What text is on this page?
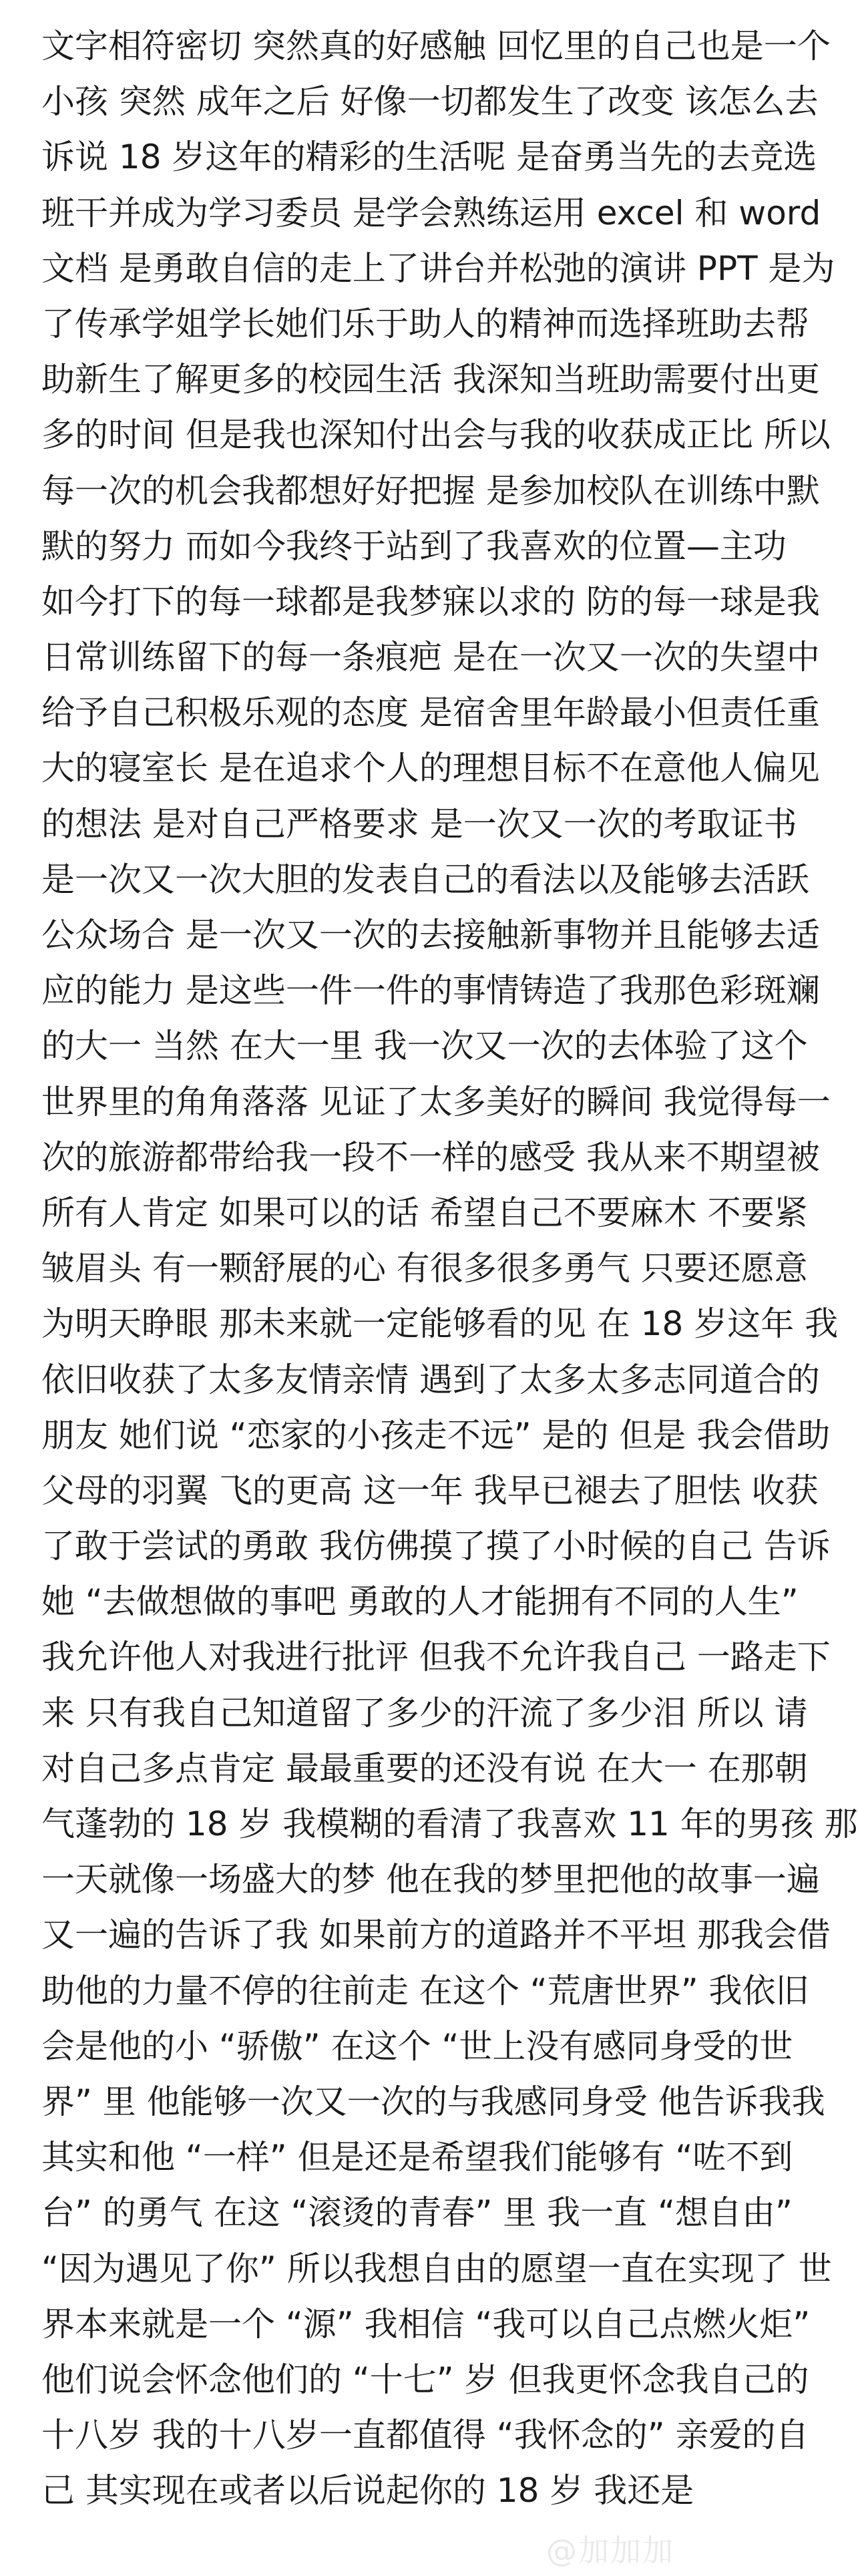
文字相符密切 突然真的好感触 回忆里的自己也是一个
小孩 突然 成年之后 好像一切都发生了改变 该怎么去
诉说 18 岁这年的精彩的生活呢 是奋勇当先的去竞选
班干并成为学习委员 是学会熟练运用 excel 和 word
文档 是勇敢自信的走上了讲台并松弛的演讲 PPT 是为
了传承学姐学长她们乐于助人的精神而选择班助去帮
助新生了解更多的校园生活 我深知当班助需要付出更
多的时间 但是我也深知付出会与我的收获成正比 所以
每一次的机会我都想好好把握 是参加校队在训练中默
默的努力 而如今我终于站到了我喜欢的位置—主功
如今打下的每一球都是我梦寐以求的 防的每一球是我
日常训练留下的每一条痕疤 是在一次又一次的失望中
给予自己积极乐观的态度 是宿舍里年龄最小但责任重
大的寝室长 是在追求个人的理想目标不在意他人偏见
的想法 是对自己严格要求 是一次又一次的考取证书
是一次又一次大胆的发表自己的看法以及能够去活跃
公众场合 是一次又一次的去接触新事物并且能够去适
应的能力 是这些一件一件的事情铸造了我那色彩斑斓
的大一 当然 在大一里 我一次又一次的去体验了这个
世界里的角角落落 见证了太多美好的瞬间 我觉得每一
次的旅游都带给我一段不一样的感受 我从来不期望被
所有人肯定 如果可以的话 希望自己不要麻木 不要紧
皱眉头 有一颗舒展的心 有很多很多勇气 只要还愿意
为明天睁眼 那未来就一定能够看的见 在 18 岁这年 我
依旧收获了太多友情亲情 遇到了太多太多志同道合的
朋友 她们说 “恋家的小孩走不远” 是的 但是 我会借助
父母的羽翼 飞的更高 这一年 我早已褪去了胆怯 收获
了敢于尝试的勇敢 我仿佛摸了摸了小时候的自己 告诉
她 “去做想做的事吧 勇敢的人才能拥有不同的人生”
我允许他人对我进行批评 但我不允许我自己 一路走下
来 只有我自己知道留了多少的汗流了多少泪 所以 请
对自己多点肯定 最最重要的还没有说 在大一 在那朝
气蓬勃的 18 岁 我模糊的看清了我喜欢 11 年的男孩 那
一天就像一场盛大的梦 他在我的梦里把他的故事一遍
又一遍的告诉了我 如果前方的道路并不平坦 那我会借
助他的力量不停的往前走 在这个 “荒唐世界” 我依旧
会是他的小 “骄傲” 在这个 “世上没有感同身受的世
界” 里 他能够一次又一次的与我感同身受 他告诉我我
其实和他 “一样” 但是还是希望我们能够有 “咗不到
台” 的勇气 在这 “滚烫的青春” 里 我一直 “想自由”
“因为遇见了你” 所以我想自由的愿望一直在实现了 世
界本来就是一个 “源” 我相信 “我可以自己点燃火炬”
他们说会怀念他们的 “十七” 岁 但我更怀念我自己的
十八岁 我的十八岁一直都值得 “我怀念的” 亲爱的自
己 其实现在或者以后说起你的 18 岁 我还是
@加加加
